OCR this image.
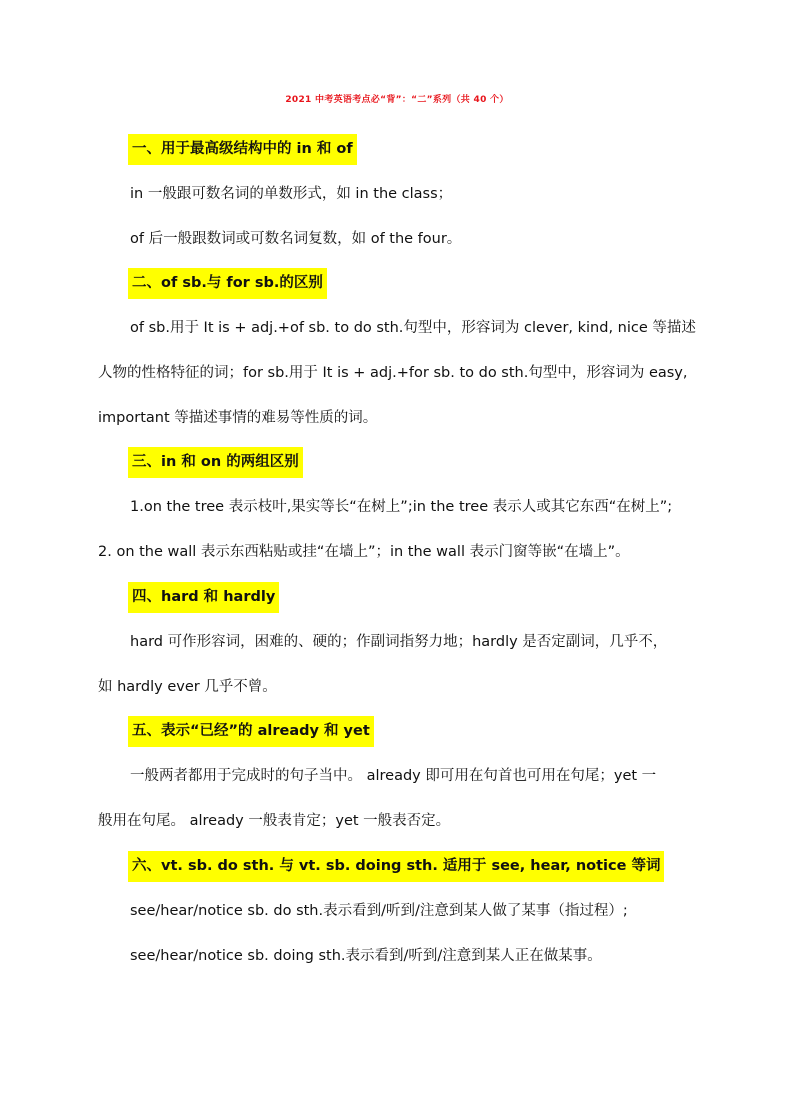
2021 中考英语考点必“背”：“二”系列（共 40 个）
一、用于最高级结构中的 in 和 of
in 一般跟可数名词的单数形式，如 in the class；
of 后一般跟数词或可数名词复数，如 of the four。
二、of sb.与 for sb.的区别
of sb.用于 It is + adj.+of sb. to do sth.句型中，形容词为 clever, kind, nice 等描述
人物的性格特征的词；for sb.用于 It is + adj.+for sb. to do sth.句型中，形容词为 easy,
important 等描述事情的难易等性质的词。
三、in 和 on 的两组区别
1.on the tree 表示枝叶,果实等长“在树上”;in the tree 表示人或其它东西“在树上”;
2. on the wall 表示东西粘贴或挂“在墙上”；in the wall 表示门窗等嵌“在墙上”。
四、hard 和 hardly
hard 可作形容词，困难的、硬的；作副词指努力地；hardly 是否定副词，几乎不，
如 hardly ever 几乎不曾。
五、表示“已经”的 already 和 yet
一般两者都用于完成时的句子当中。 already 即可用在句首也可用在句尾；yet 一
般用在句尾。 already 一般表肯定；yet 一般表否定。
六、vt. sb. do sth. 与 vt. sb. doing sth. 适用于 see, hear, notice 等词
see/hear/notice sb. do sth.表示看到/听到/注意到某人做了某事（指过程）;
see/hear/notice sb. doing sth.表示看到/听到/注意到某人正在做某事。
